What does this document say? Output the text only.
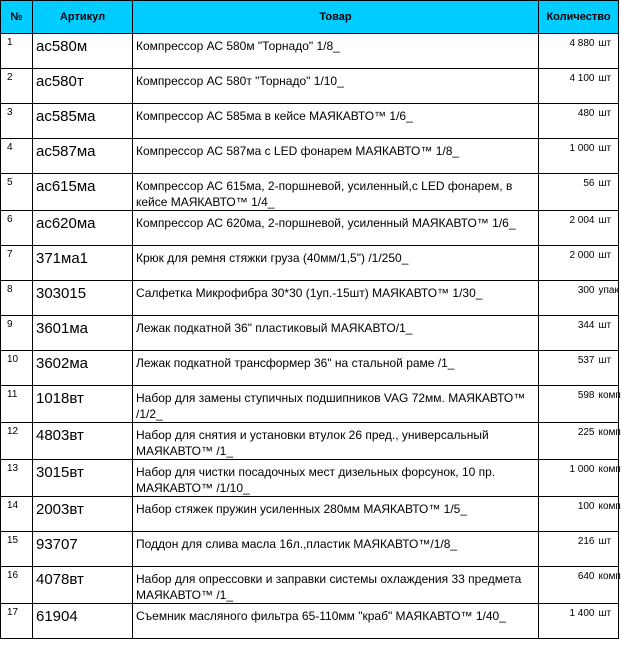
№	Артикул	Товар	Количество	
1	ас580м	Компрессор АС 580м "Торнадо" 1/8_	4 880	шт
2	ас580т	Компрессор АС 580т "Торнадо" 1/10_	4 100	шт
3	ас585ма	Компрессор АС 585ма в кейсе МАЯКАВТО™ 1/6_	480	шт
4	ас587ма	Компрессор АС 587ма с LED фонарем МАЯКАВТО™ 1/8_	1 000	шт
5	ас615ма	Компрессор АС 615ма, 2-поршневой, усиленный,с LED фонарем, в кейсе МАЯКАВТО™ 1/4_	56	шт
6	ас620ма	Компрессор АС 620ма, 2-поршневой, усиленный МАЯКАВТО™ 1/6_	2 004	шт
7	371ма1	Крюк для ремня стяжки груза (40мм/1,5") /1/250_	2 000	шт
8	303015	Салфетка Микрофибра 30*30 (1уп.-15шт) МАЯКАВТО™ 1/30_	300	упак
9	3601ма	Лежак подкатной 36" пластиковый МАЯКАВТО/1_	344	шт
10	3602ма	Лежак подкатной трансформер 36" на стальной раме /1_	537	шт
11	1018вт	Набор для замены ступичных подшипников VAG 72мм. МАЯКАВТО™ /1/2_	598	комп
12	4803вт	Набор для снятия и установки втулок 26 пред., универсальный МАЯКАВТО™ /1_	225	комп
13	3015вт	Набор для чистки посадочных мест дизельных форсунок, 10 пр. МАЯКАВТО™ /1/10_	1 000	комп
14	2003вт	Набор стяжек пружин усиленных 280мм МАЯКАВТО™ 1/5_	100	комп
15	93707	Поддон для слива масла 16л.,пластик МАЯКАВТО™/1/8_	216	шт
16	4078вт	Набор для опрессовки и заправки системы охлаждения 33 предмета МАЯКАВТО™ /1_	640	комп
17	61904	Съемник масляного фильтра 65-110мм "краб" МАЯКАВТО™ 1/40_	1 400	шт
